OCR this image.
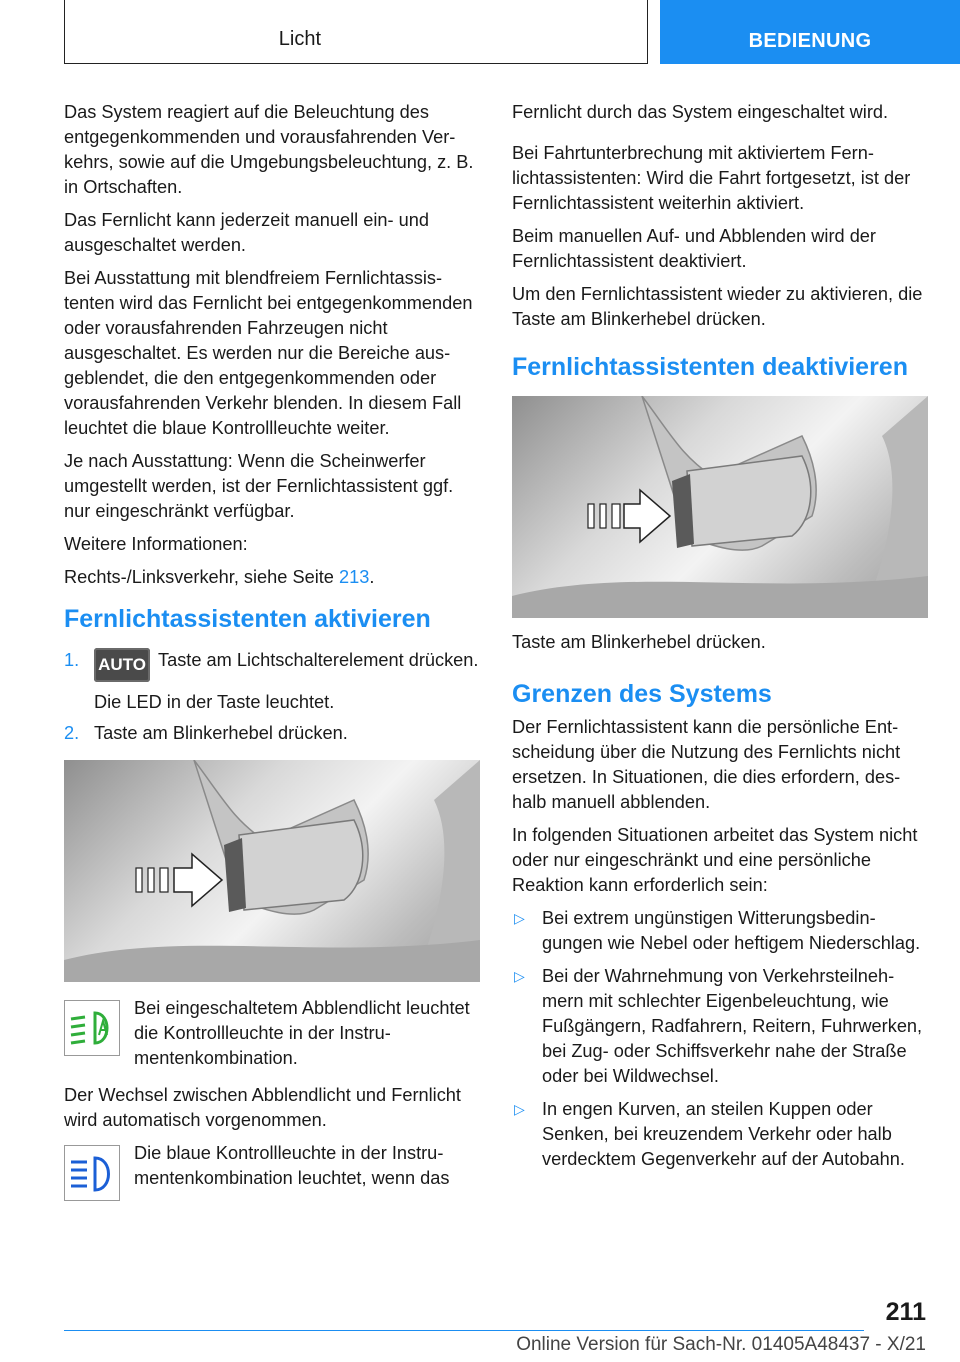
Licht	BEDIENUNG

Das System reagiert auf die Beleuchtung des entgegenkommenden und vorausfahrenden Verkehrs, sowie auf die Umgebungsbeleuchtung, z. B. in Ortschaften.

Das Fernlicht kann jederzeit manuell ein- und ausgeschaltet werden.

Bei Ausstattung mit blendfreiem Fernlichtassistenten wird das Fernlicht bei entgegenkommenden oder vorausfahrenden Fahrzeugen nicht ausgeschaltet. Es werden nur die Bereiche ausgeblendet, die den entgegenkommenden oder vorausfahrenden Verkehr blenden. In diesem Fall leuchtet die blaue Kontrollleuchte weiter.

Je nach Ausstattung: Wenn die Scheinwerfer umgestellt werden, ist der Fernlichtassistent ggf. nur eingeschränkt verfügbar.

Weitere Informationen:

Rechts-/Linksverkehr, siehe Seite 213.

Fernlichtassistenten aktivieren
1. AUTO Taste am Lichtschalterelement drücken.
Die LED in der Taste leuchtet.
2. Taste am Blinkerhebel drücken.
Bei eingeschaltetem Abblendlicht leuchtet die Kontrollleuchte in der Instrumentenkombination.

Der Wechsel zwischen Abblendlicht und Fernlicht wird automatisch vorgenommen.

Die blaue Kontrollleuchte in der Instrumentenkombination leuchtet, wenn das

Fernlicht durch das System eingeschaltet wird.

Bei Fahrtunterbrechung mit aktiviertem Fernlichtassistenten: Wird die Fahrt fortgesetzt, ist der Fernlichtassistent weiterhin aktiviert.

Beim manuellen Auf- und Abblenden wird der Fernlichtassistent deaktiviert.

Um den Fernlichtassistent wieder zu aktivieren, die Taste am Blinkerhebel drücken.

Fernlichtassistenten deaktivieren

Taste am Blinkerhebel drücken.

Grenzen des Systems

Der Fernlichtassistent kann die persönliche Entscheidung über die Nutzung des Fernlichts nicht ersetzen. In Situationen, die dies erfordern, deshalb manuell abblenden.

In folgenden Situationen arbeitet das System nicht oder nur eingeschränkt und eine persönliche Reaktion kann erforderlich sein:

▷ Bei extrem ungünstigen Witterungsbedingungen wie Nebel oder heftigem Niederschlag.
▷ Bei der Wahrnehmung von Verkehrsteilnehmern mit schlechter Eigenbeleuchtung, wie Fußgängern, Radfahrern, Reitern, Fuhrwerken, bei Zug- oder Schiffsverkehr nahe der Straße oder bei Wildwechsel.
▷ In engen Kurven, an steilen Kuppen oder Senken, bei kreuzendem Verkehr oder halb verdecktem Gegenverkehr auf der Autobahn.
211
Online Version für Sach-Nr. 01405A48437 - X/21
